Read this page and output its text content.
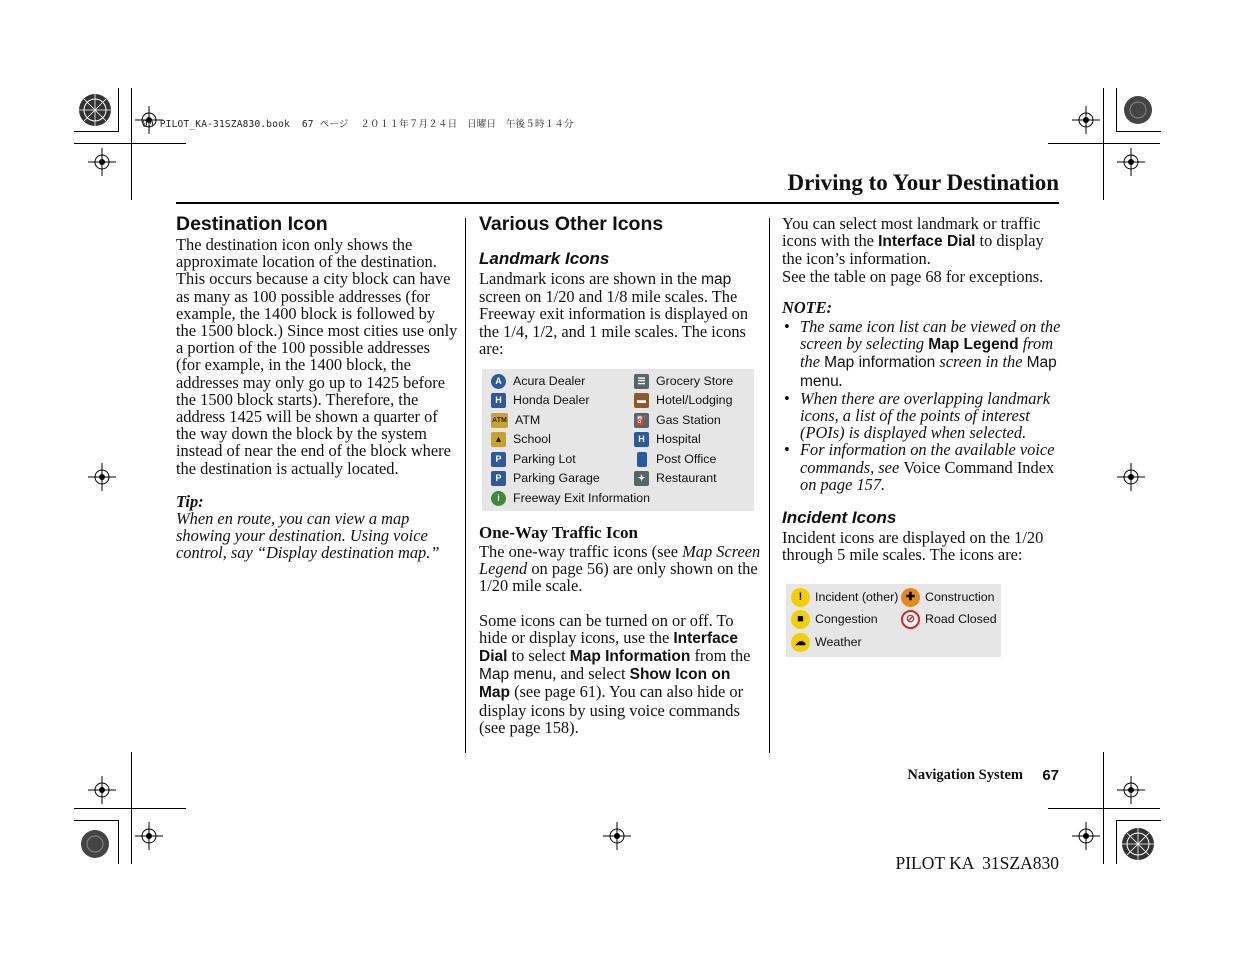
00 PILOT_KA-31SZA830.book 67 ページ ２０１１年７月２４日　日曜日　午後５時１４分
Driving to Your Destination
Destination Icon

The destination icon only shows the approximate location of the destination. This occurs because a city block can have as many as 100 possible addresses (for example, the 1400 block is followed by the 1500 block.) Since most cities use only a portion of the 100 possible addresses (for example, in the 1400 block, the addresses may only go up to 1425 before the 1500 block starts). Therefore, the address 1425 will be shown a quarter of the way down the block by the system instead of near the end of the block where the destination is actually located.

Tip:

When en route, you can view a map showing your destination. Using voice control, say “Display destination map.”

Various Other Icons
Landmark Icons

Landmark icons are shown in the map screen on 1/20 and 1/8 mile scales. The Freeway exit information is displayed on the 1/4, 1/2, and 1 mile scales. The icons are:

A Acura Dealer	☰ Grocery Store
H Honda Dealer	▬ Hotel/Lodging
ATM ATM	⛽ Gas Station
▲ School	H Hospital
P Parking Lot	Post Office
P Parking Garage	✦ Restaurant
i	Freeway Exit Information
One-Way Traffic Icon

The one-way traffic icons (see Map Screen Legend on page 56) are only shown on the 1/20 mile scale.

Some icons can be turned on or off. To hide or display icons, use the Interface Dial to select Map Information from the Map menu, and select Show Icon on Map (see page 61). You can also hide or display icons by using voice commands (see page 158).

You can select most landmark or traffic icons with the Interface Dial to display the icon’s information.

See the table on page 68 for exceptions.

NOTE:

• The same icon list can be viewed on the screen by selecting Map Legend from the Map information screen in the Map menu.
• When there are overlapping landmark icons, a list of the points of interest (POIs) is displayed when selected.
• For information on the available voice commands, see Voice Command Index on page 157.
Incident Icons

Incident icons are displayed on the 1/20 through 5 mile scales. The icons are:

!	Incident (other) ✚ Construction
■ Congestion	⊘ Road Closed
☁ Weather
Navigation System 67
PILOT KA  31SZA830
